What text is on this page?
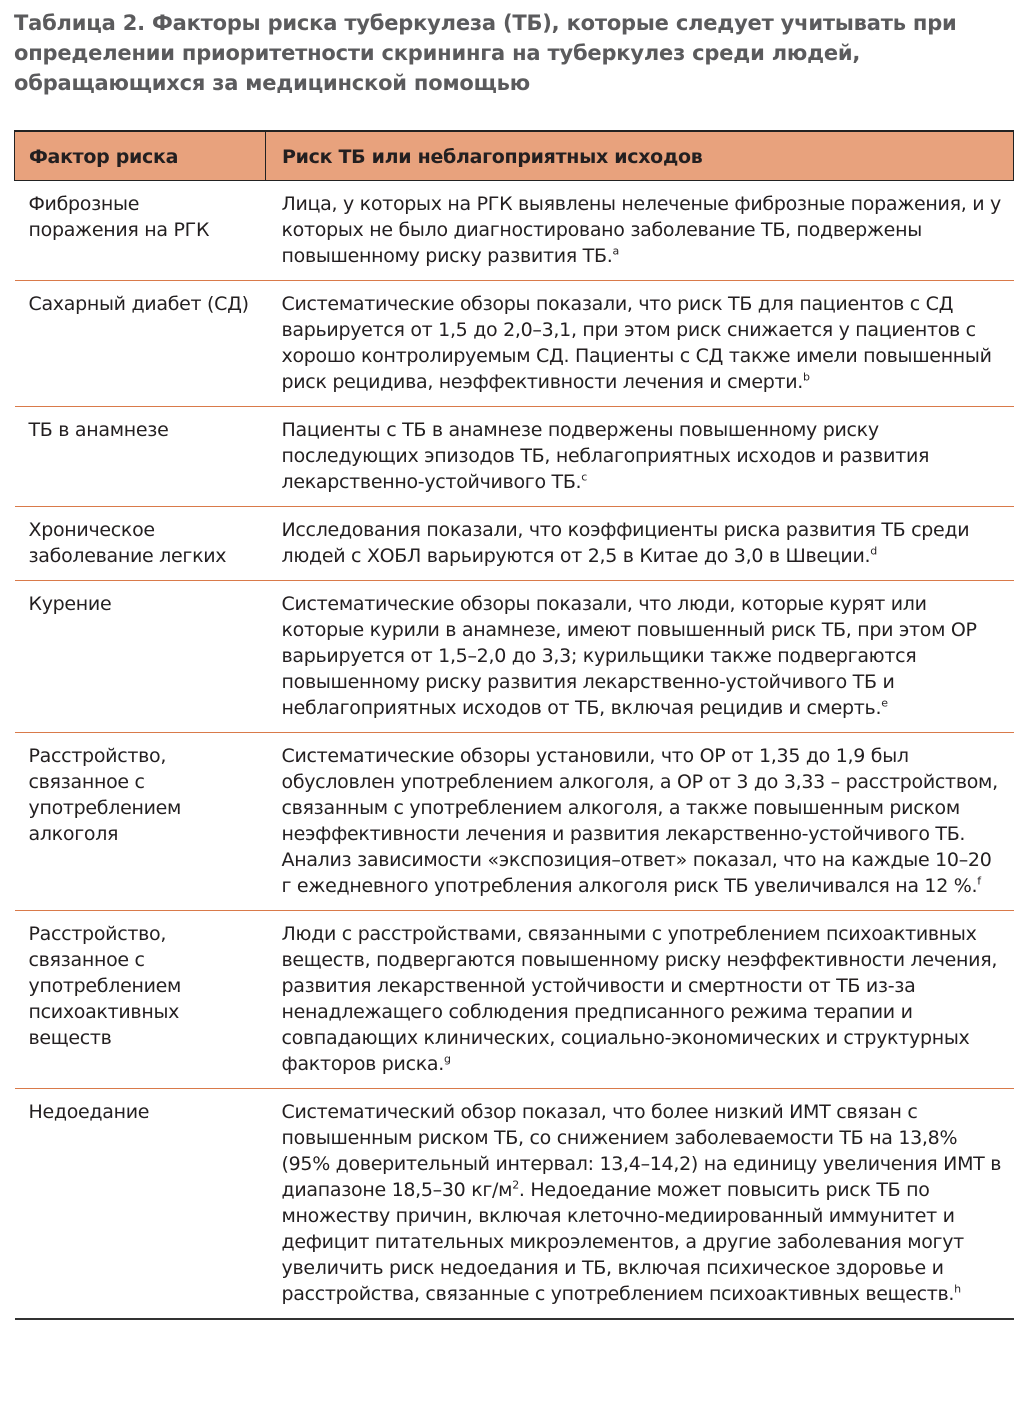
Таблица 2. Факторы риска туберкулеза (ТБ), которые следует учитывать при определении приоритетности скрининга на туберкулез среди людей, обращающихся за медицинской помощью
Фактор риска	Риск ТБ или неблагоприятных исходов
Фиброзные поражения на РГК	Лица, у которых на РГК выявлены нелеченые фиброзные поражения, и у которых не было диагностировано заболевание ТБ, подвержены повышенному риску развития ТБ.$^a$
Сахарный диабет (СД)	Систематические обзоры показали, что риск ТБ для пациентов с СД варьируется от 1,5 до 2,0–3,1, при этом риск снижается у пациентов с хорошо контролируемым СД. Пациенты с СД также имели повышенный риск рецидива, неэффективности лечения и смерти.$^b$
ТБ в анамнезе	Пациенты с ТБ в анамнезе подвержены повышенному риску последующих эпизодов ТБ, неблагоприятных исходов и развития лекарственно-устойчивого ТБ.$^c$
Хроническое заболевание легких	Исследования показали, что коэффициенты риска развития ТБ среди людей с ХОБЛ варьируются от 2,5 в Китае до 3,0 в Швеции.$^d$
Курение	Систематические обзоры показали, что люди, которые курят или которые курили в анамнезе, имеют повышенный риск ТБ, при этом ОР варьируется от 1,5–2,0 до 3,3; курильщики также подвергаются повышенному риску развития лекарственно-устойчивого ТБ и неблагоприятных исходов от ТБ, включая рецидив и смерть.$^e$
Расстройство, связанное с употреблением алкоголя	Систематические обзоры установили, что ОР от 1,35 до 1,9 был обусловлен употреблением алкоголя, а ОР от 3 до 3,33 – расстройством, связанным с употреблением алкоголя, а также повышенным риском неэффективности лечения и развития лекарственно-устойчивого ТБ. Анализ зависимости «экспозиция–ответ» показал, что на каждые 10–20 г ежедневного употребления алкоголя риск ТБ увеличивался на 12 %.$^f$
Расстройство, связанное с употреблением психоактивных веществ	Люди с расстройствами, связанными с употреблением психоактивных веществ, подвергаются повышенному риску неэффективности лечения, развития лекарственной устойчивости и смертности от ТБ из-за ненадлежащего соблюдения предписанного режима терапии и совпадающих клинических, социально-экономических и структурных факторов риска.$^g$
Недоедание	Систематический обзор показал, что более низкий ИМТ связан с повышенным риском ТБ, со снижением заболеваемости ТБ на 13,8% (95% доверительный интервал: 13,4–14,2) на единицу увеличения ИМТ в диапазоне 18,5–30 $кг/м^2$. Недоедание может повысить риск ТБ по множеству причин, включая клеточно-медиированный иммунитет и дефицит питательных микроэлементов, а другие заболевания могут увеличить риск недоедания и ТБ, включая психическое здоровье и расстройства, связанные с употреблением психоактивных веществ.$^h$
